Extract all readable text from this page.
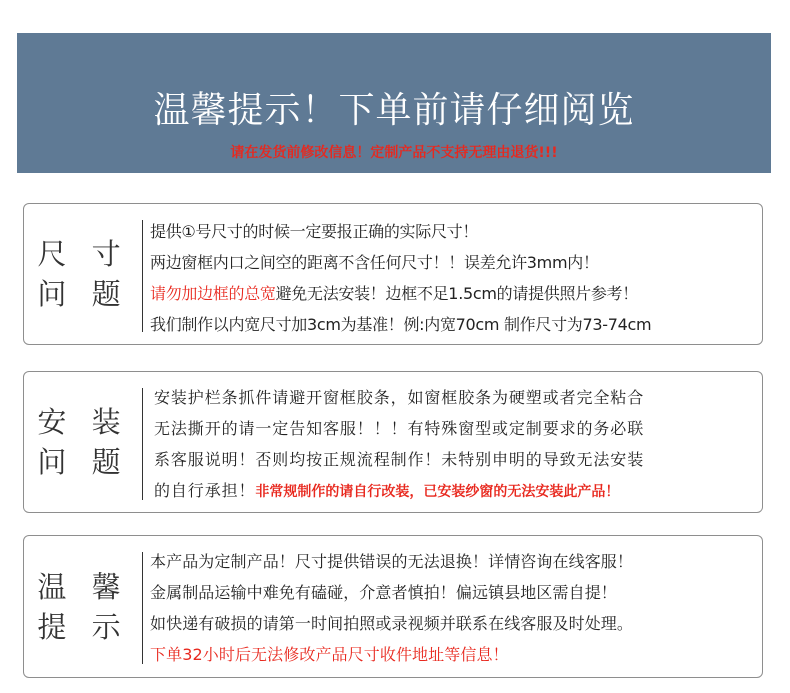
温馨提示！下单前请仔细阅览
请在发货前修改信息！定制产品不支持无理由退货!!!
尺 寸
问 题
提供①号尺寸的时候一定要报正确的实际尺寸！
两边窗框内口之间空的距离不含任何尺寸！！误差允许3mm内！
请勿加边框的总宽避免无法安装！边框不足1.5cm的请提供照片参考！
我们制作以内宽尺寸加3cm为基准！例:内宽70cm 制作尺寸为73-74cm
安 装
问 题
安装护栏条抓件请避开窗框胶条，如窗框胶条为硬塑或者完全粘合
无法撕开的请一定告知客服！！！有特殊窗型或定制要求的务必联
系客服说明！否则均按正规流程制作！未特别申明的导致无法安装
的自行承担！非常规制作的请自行改装，已安装纱窗的无法安装此产品！
温 馨
提 示
本产品为定制产品！尺寸提供错误的无法退换！详情咨询在线客服！
金属制品运输中难免有磕碰，介意者慎拍！偏远镇县地区需自提！
如快递有破损的请第一时间拍照或录视频并联系在线客服及时处理。
下单32小时后无法修改产品尺寸收件地址等信息！
